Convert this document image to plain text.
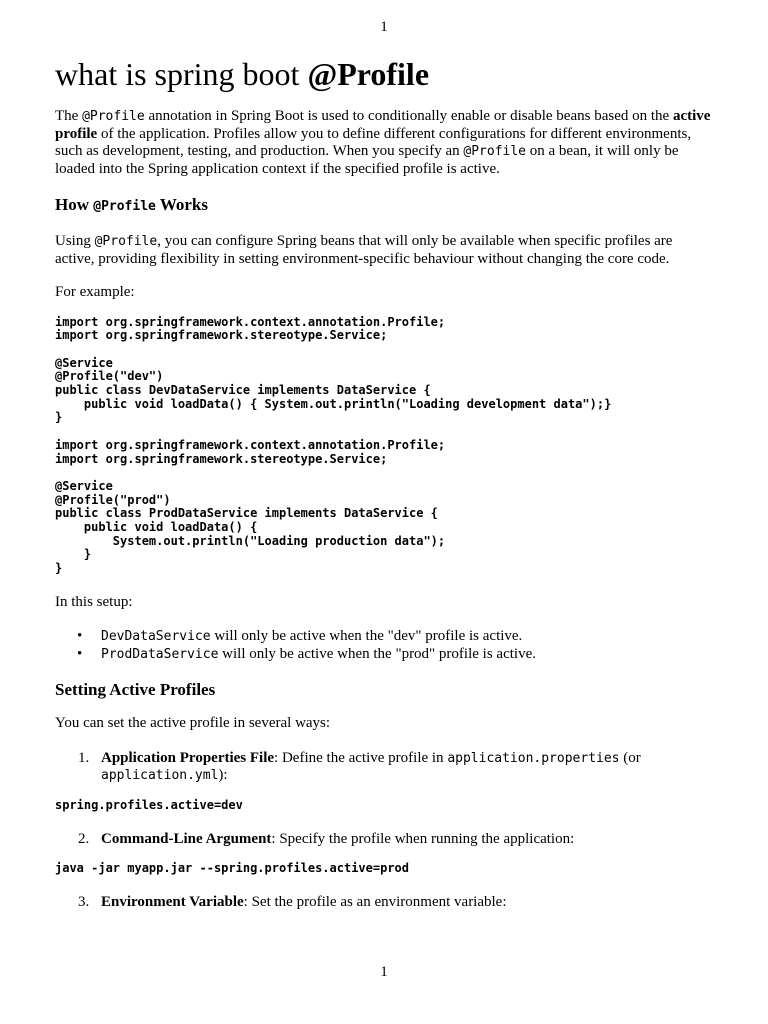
1
what is spring boot @Profile

The @Profile annotation in Spring Boot is used to conditionally enable or disable beans based on the active profile of the application. Profiles allow you to define different configurations for different environments, such as development, testing, and production. When you specify an @Profile on a bean, it will only be loaded into the Spring application context if the specified profile is active.

How @Profile Works

Using @Profile, you can configure Spring beans that will only be available when specific profiles are active, providing flexibility in setting environment-specific behaviour without changing the core code.

For example:

import org.springframework.context.annotation.Profile;
import org.springframework.stereotype.Service;

@Service
@Profile("dev")
public class DevDataService implements DataService {
public void loadData() { System.out.println("Loading development data");}
}

import org.springframework.context.annotation.Profile;
import org.springframework.stereotype.Service;

@Service
@Profile("prod")
public class ProdDataService implements DataService {
public void loadData() {
System.out.println("Loading production data");
}
}

In this setup:

• DevDataService will only be active when the "dev" profile is active.
• ProdDataService will only be active when the "prod" profile is active.
Setting Active Profiles

You can set the active profile in several ways:

1. Application Properties File: Define the active profile in application.properties (or application.yml):
spring.profiles.active=dev
2. Command-Line Argument: Specify the profile when running the application:
java -jar myapp.jar --spring.profiles.active=prod
3. Environment Variable: Set the profile as an environment variable:
1
